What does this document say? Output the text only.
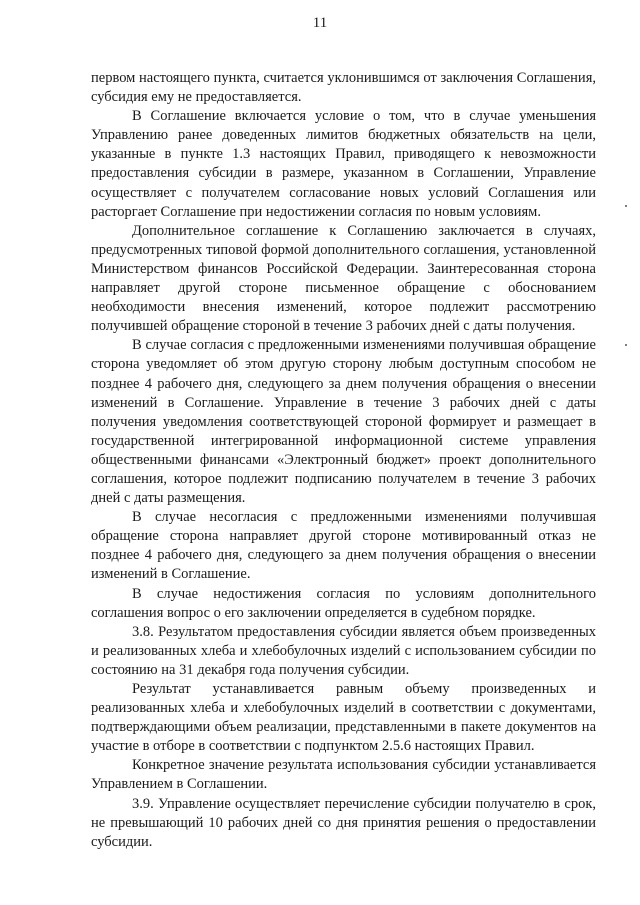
11

первом настоящего пункта, считается уклонившимся от заключения Соглашения, субсидия ему не предоставляется.

В Соглашение включается условие о том, что в случае уменьшения Управлению ранее доведенных лимитов бюджетных обязательств на цели, указанные в пункте 1.3 настоящих Правил, приводящего к невозможности предоставления субсидии в размере, указанном в Соглашении, Управление осуществляет с получателем согласование новых условий Соглашения или расторгает Соглашение при недостижении согласия по новым условиям.

Дополнительное соглашение к Соглашению заключается в случаях, предусмотренных типовой формой дополнительного соглашения, установленной Министерством финансов Российской Федерации. Заинтересованная сторона направляет другой стороне письменное обращение с обоснованием необходимости внесения изменений, которое подлежит рассмотрению получившей обращение стороной в течение 3 рабочих дней с даты получения.

В случае согласия с предложенными изменениями получившая обращение сторона уведомляет об этом другую сторону любым доступным способом не позднее 4 рабочего дня, следующего за днем получения обращения о внесении изменений в Соглашение. Управление в течение 3 рабочих дней с даты получения уведомления соответствующей стороной формирует и размещает в государственной интегрированной информационной системе управления общественными финансами «Электронный бюджет» проект дополнительного соглашения, которое подлежит подписанию получателем в течение 3 рабочих дней с даты размещения.

В случае несогласия с предложенными изменениями получившая обращение сторона направляет другой стороне мотивированный отказ не позднее 4 рабочего дня, следующего за днем получения обращения о внесении изменений в Соглашение.

В случае недостижения согласия по условиям дополнительного соглашения вопрос о его заключении определяется в судебном порядке.

3.8. Результатом предоставления субсидии является объем произведенных и реализованных хлеба и хлебобулочных изделий с использованием субсидии по состоянию на 31 декабря года получения субсидии.

Результат устанавливается равным объему произведенных и реализованных хлеба и хлебобулочных изделий в соответствии с документами, подтверждающими объем реализации, представленными в пакете документов на участие в отборе в соответствии с подпунктом 2.5.6 настоящих Правил.

Конкретное значение результата использования субсидии устанавливается Управлением в Соглашении.

3.9. Управление осуществляет перечисление субсидии получателю в срок, не превышающий 10 рабочих дней со дня принятия решения о предоставлении субсидии.
